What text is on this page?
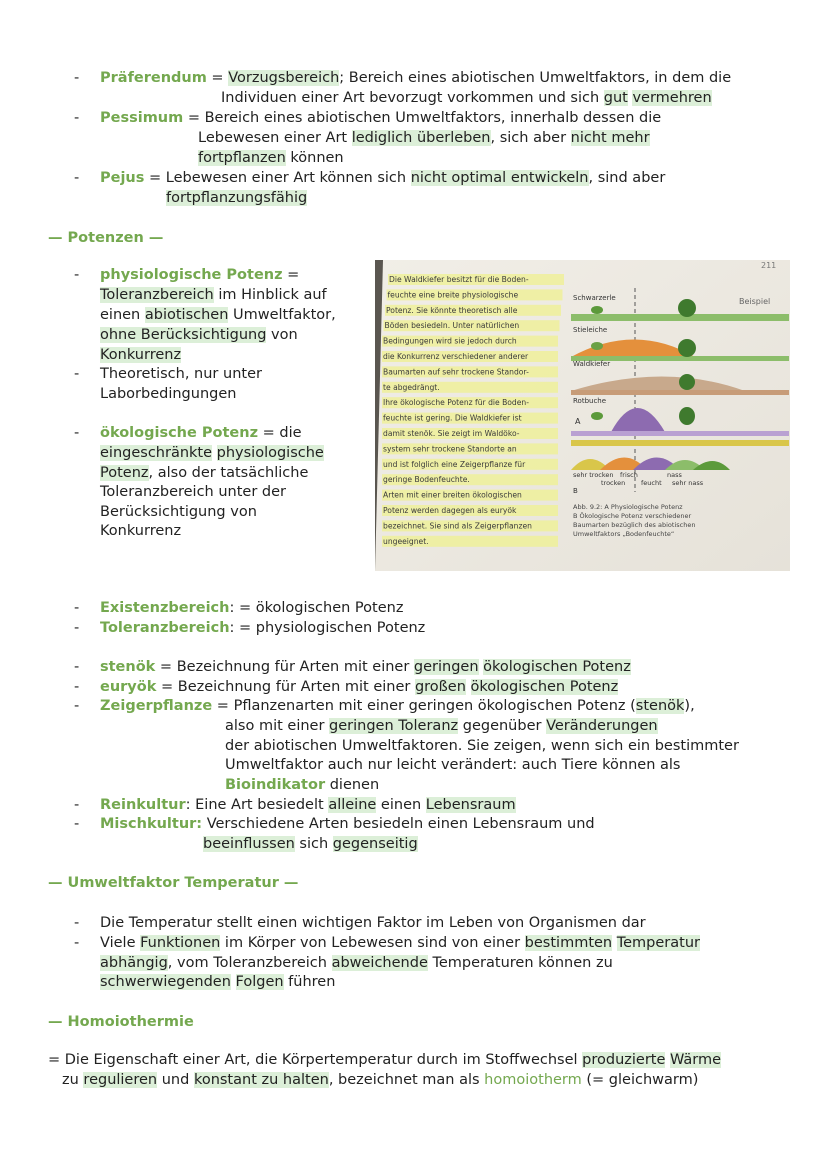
- Präferendum = Vorzugsbereich; Bereich eines abiotischen Umweltfaktors, in dem die
Individuen einer Art bevorzugt vorkommen und sich gut vermehren
- Pessimum = Bereich eines abiotischen Umweltfaktors, innerhalb dessen die
Lebewesen einer Art lediglich überleben, sich aber nicht mehr
fortpflanzen können
- Pejus = Lebewesen einer Art können sich nicht optimal entwickeln, sind aber
fortpflanzungsfähig
— Potenzen —
- physiologische Potenz =
Toleranzbereich im Hinblick auf
einen abiotischen Umweltfaktor,
ohne Berücksichtigung von
Konkurrenz
- Theoretisch, nur unter
Laborbedingungen
- ökologische Potenz = die
eingeschränkte physiologische
Potenz, also der tatsächliche
Toleranzbereich unter der
Berücksichtigung von
Konkurrenz
211
Die Waldkiefer besitzt für die Boden-
feuchte eine breite physiologische
Potenz. Sie könnte theoretisch alle
Böden besiedeln. Unter natürlichen
Bedingungen wird sie jedoch durch
die Konkurrenz verschiedener anderer
Baumarten auf sehr trockene Standor-
te abgedrängt.
Ihre ökologische Potenz für die Boden-
feuchte ist gering. Die Waldkiefer ist
damit stenök. Sie zeigt im Waldöko-
system sehr trockene Standorte an
und ist folglich eine Zeigerpflanze für
geringe Bodenfeuchte.
Arten mit einer breiten ökologischen
Potenz werden dagegen als euryök
bezeichnet. Sie sind als Zeigerpflanzen
ungeeignet.
Beispiel
Schwarzerle
Stieleiche
Waldkiefer
Rotbuche
A
sehr trocken frisch	nass
trocken feucht sehr nass
B
Abb. 9.2: A Physiologische Potenz
B Ökologische Potenz verschiedener
Baumarten bezüglich des abiotischen
Umweltfaktors „Bodenfeuchte“
- Existenzbereich: = ökologischen Potenz
- Toleranzbereich: = physiologischen Potenz
- stenök = Bezeichnung für Arten mit einer geringen ökologischen Potenz
- euryök = Bezeichnung für Arten mit einer großen ökologischen Potenz
- Zeigerpflanze = Pflanzenarten mit einer geringen ökologischen Potenz (stenök),
also mit einer geringen Toleranz gegenüber Veränderungen
der abiotischen Umweltfaktoren. Sie zeigen, wenn sich ein bestimmter
Umweltfaktor auch nur leicht verändert: auch Tiere können als
Bioindikator dienen
- Reinkultur: Eine Art besiedelt alleine einen Lebensraum
- Mischkultur: Verschiedene Arten besiedeln einen Lebensraum und
beeinflussen sich gegenseitig
— Umweltfaktor Temperatur —
- Die Temperatur stellt einen wichtigen Faktor im Leben von Organismen dar
- Viele Funktionen im Körper von Lebewesen sind von einer bestimmten Temperatur
abhängig, vom Toleranzbereich abweichende Temperaturen können zu
schwerwiegenden Folgen führen
— Homoiothermie
= Die Eigenschaft einer Art, die Körpertemperatur durch im Stoffwechsel produzierte Wärme
zu regulieren und konstant zu halten, bezeichnet man als homoiotherm (= gleichwarm)
